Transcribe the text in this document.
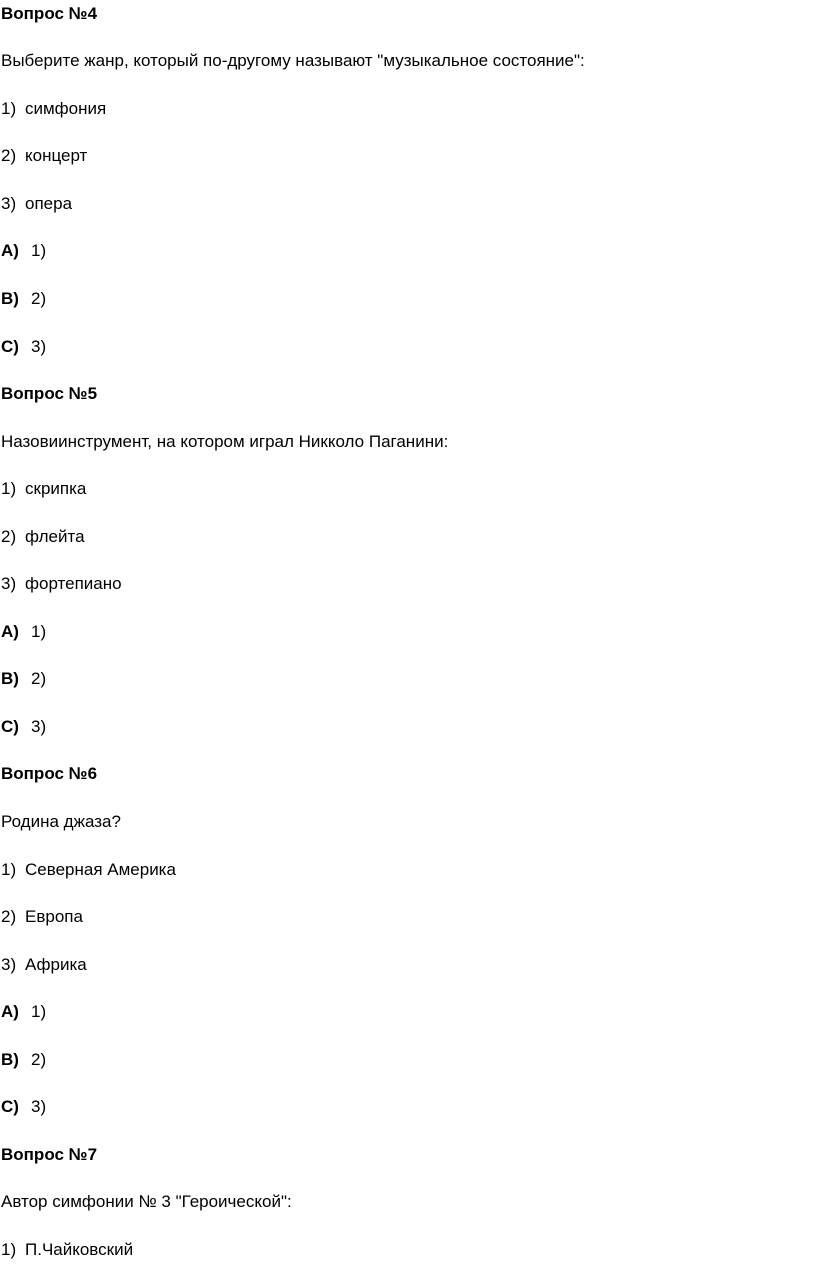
Вопрос №4
Выберите жанр, который по-другому называют "музыкальное состояние":
1) симфония
2) концерт
3) опера
A) 1)
B) 2)
C) 3)
Вопрос №5
Назовиинструмент, на котором играл Никколо Паганини:
1) скрипка
2) флейта
3) фортепиано
A) 1)
B) 2)
C) 3)
Вопрос №6
Родина джаза?
1) Северная Америка
2) Европа
3) Африка
A) 1)
B) 2)
C) 3)
Вопрос №7
Автор симфонии № 3 "Героической":
1) П.Чайковский
